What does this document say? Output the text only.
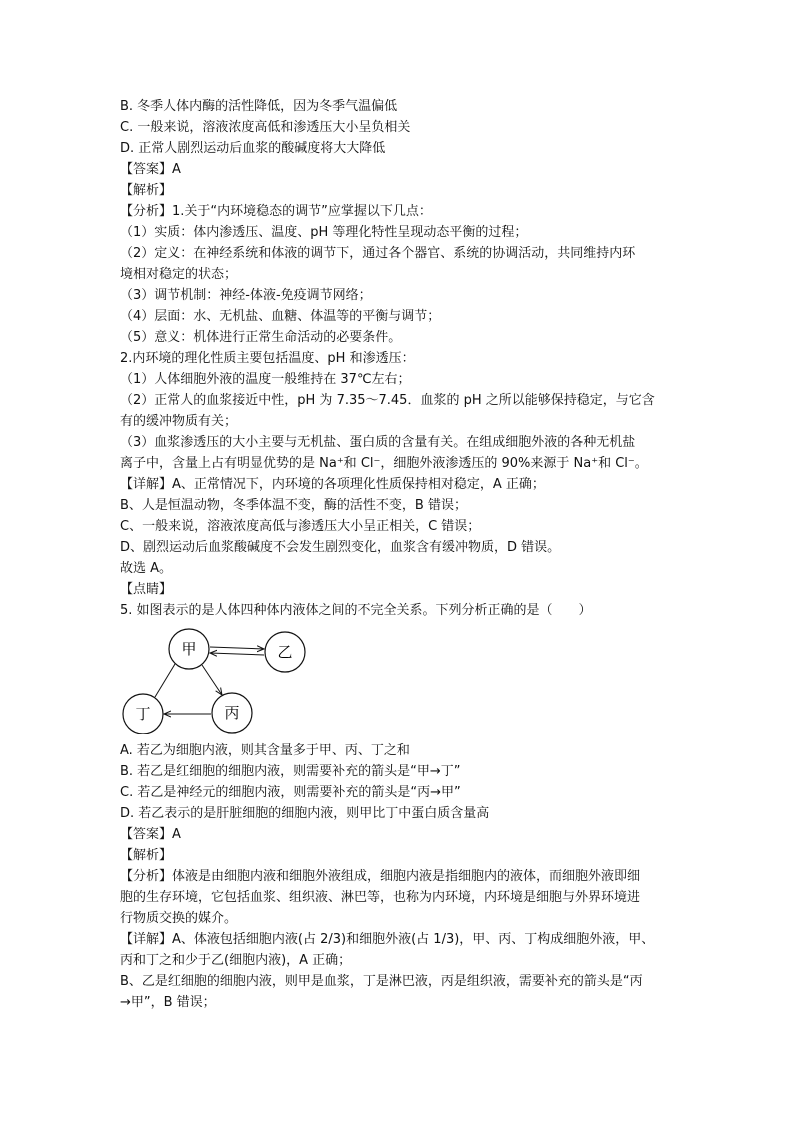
B. 冬季人体内酶的活性降低，因为冬季气温偏低
C. 一般来说，溶液浓度高低和渗透压大小呈负相关
D. 正常人剧烈运动后血浆的酸碱度将大大降低
【答案】A
【解析】
【分析】1.关于“内环境稳态的调节”应掌握以下几点：
（1）实质：体内渗透压、温度、pH 等理化特性呈现动态平衡的过程；
（2）定义：在神经系统和体液的调节下，通过各个器官、系统的协调活动，共同维持内环
境相对稳定的状态；
（3）调节机制：神经-体液-免疫调节网络；
（4）层面：水、无机盐、血糖、体温等的平衡与调节；
（5）意义：机体进行正常生命活动的必要条件。
2.内环境的理化性质主要包括温度、pH 和渗透压：
（1）人体细胞外液的温度一般维持在 37℃左右；
（2）正常人的血浆接近中性，pH 为 7.35～7.45．血浆的 pH 之所以能够保持稳定，与它含
有的缓冲物质有关；
（3）血浆渗透压的大小主要与无机盐、蛋白质的含量有关。在组成细胞外液的各种无机盐
离子中，含量上占有明显优势的是 Na⁺和 Cl⁻，细胞外液渗透压的 90%来源于 Na⁺和 Cl⁻。
【详解】A、正常情况下，内环境的各项理化性质保持相对稳定，A 正确；
B、人是恒温动物，冬季体温不变，酶的活性不变，B 错误；
C、一般来说，溶液浓度高低与渗透压大小呈正相关，C 错误；
D、剧烈运动后血浆酸碱度不会发生剧烈变化，血浆含有缓冲物质，D 错误。
故选 A。
【点睛】
5. 如图表示的是人体四种体内液体之间的不完全关系。下列分析正确的是（　　）
甲	乙
丁	丙
A. 若乙为细胞内液，则其含量多于甲、丙、丁之和
B. 若乙是红细胞的细胞内液，则需要补充的箭头是“甲→丁”
C. 若乙是神经元的细胞内液，则需要补充的箭头是“丙→甲”
D. 若乙表示的是肝脏细胞的细胞内液，则甲比丁中蛋白质含量高
【答案】A
【解析】
【分析】体液是由细胞内液和细胞外液组成，细胞内液是指细胞内的液体，而细胞外液即细
胞的生存环境，它包括血浆、组织液、淋巴等，也称为内环境，内环境是细胞与外界环境进
行物质交换的媒介。
【详解】A、体液包括细胞内液(占 2/3)和细胞外液(占 1/3)，甲、丙、丁构成细胞外液，甲、
丙和丁之和少于乙(细胞内液)，A 正确；
B、乙是红细胞的细胞内液，则甲是血浆，丁是淋巴液，丙是组织液，需要补充的箭头是“丙
→甲”，B 错误；
